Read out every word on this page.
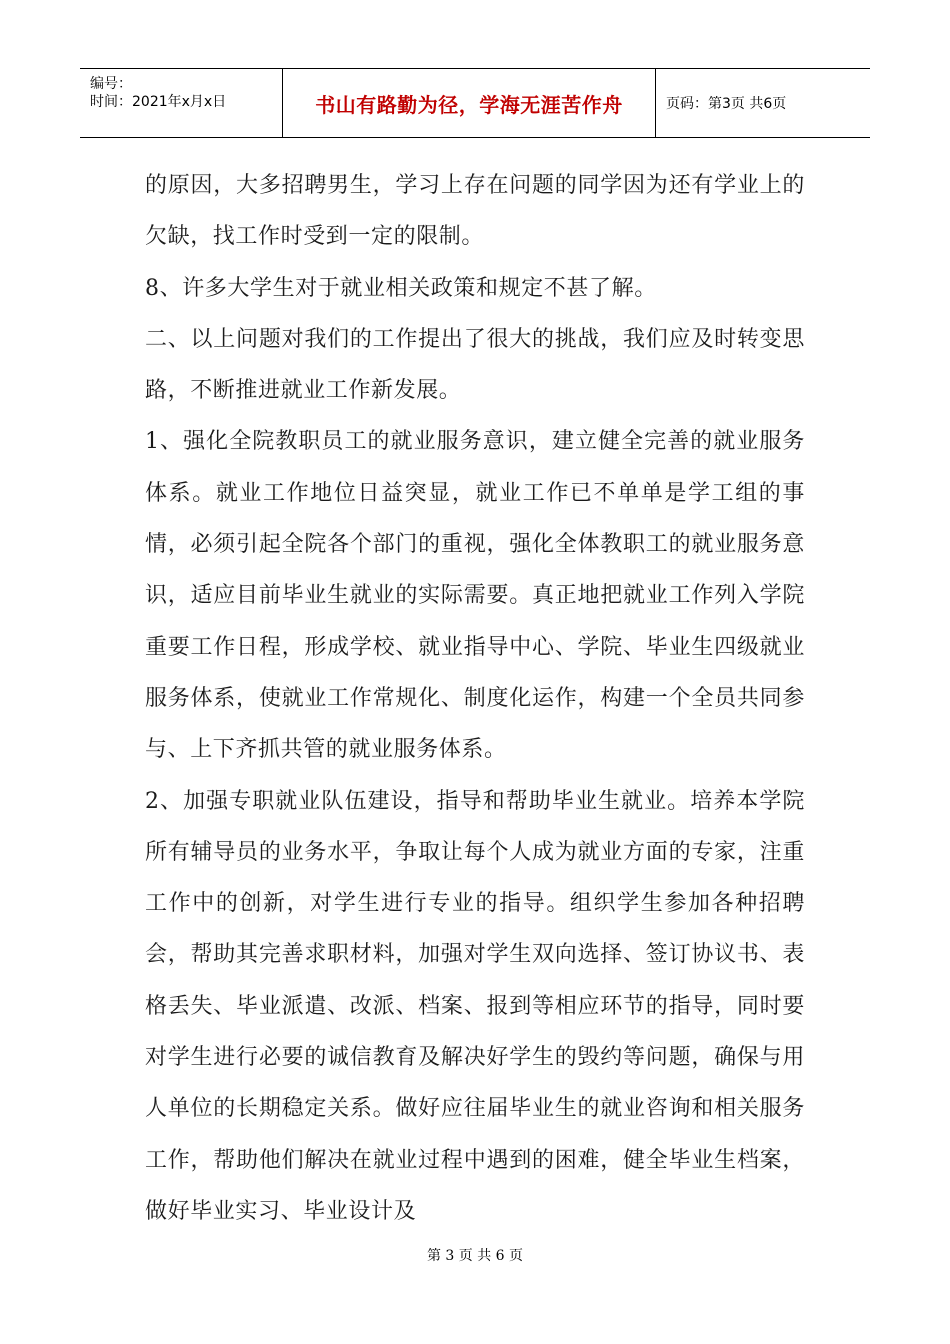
编号：
时间：2021年x月x日	书山有路勤为径，学海无涯苦作舟	页码：第3页 共6页

的原因，大多招聘男生，学习上存在问题的同学因为还有学业上的欠缺，找工作时受到一定的限制。

8、许多大学生对于就业相关政策和规定不甚了解。

二、以上问题对我们的工作提出了很大的挑战，我们应及时转变思路，不断推进就业工作新发展。

1、强化全院教职员工的就业服务意识，建立健全完善的就业服务体系。就业工作地位日益突显，就业工作已不单单是学工组的事情，必须引起全院各个部门的重视，强化全体教职工的就业服务意识，适应目前毕业生就业的实际需要。真正地把就业工作列入学院重要工作日程，形成学校、就业指导中心、学院、毕业生四级就业服务体系，使就业工作常规化、制度化运作，构建一个全员共同参与、上下齐抓共管的就业服务体系。

2、加强专职就业队伍建设，指导和帮助毕业生就业。培养本学院所有辅导员的业务水平，争取让每个人成为就业方面的专家，注重工作中的创新，对学生进行专业的指导。组织学生参加各种招聘会，帮助其完善求职材料，加强对学生双向选择、签订协议书、表格丢失、毕业派遣、改派、档案、报到等相应环节的指导，同时要对学生进行必要的诚信教育及解决好学生的毁约等问题，确保与用人单位的长期稳定关系。做好应往届毕业生的就业咨询和相关服务工作，帮助他们解决在就业过程中遇到的困难，健全毕业生档案，做好毕业实习、毕业设计及

第 3 页 共 6 页
